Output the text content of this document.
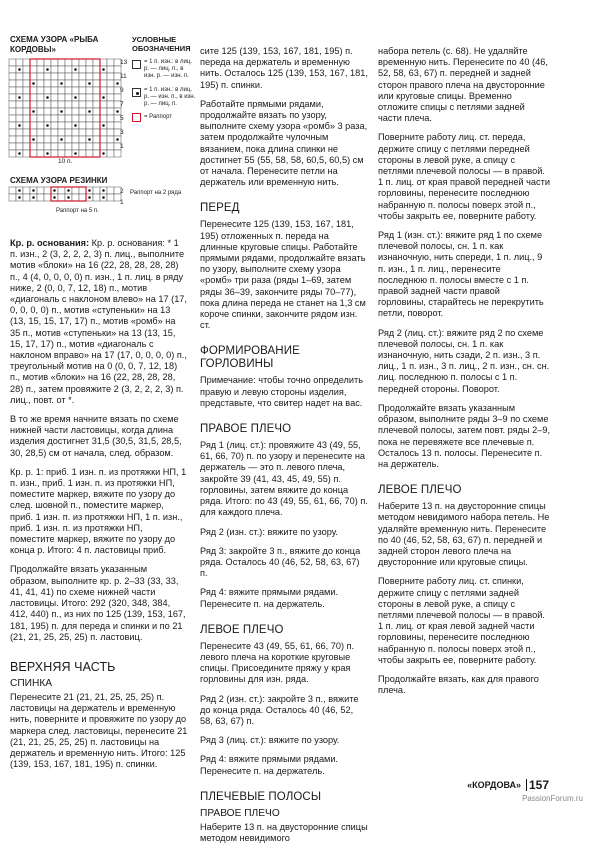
СХЕМА УЗОРА «РЫБА КОРДОВЫ»
13
11
9
7
5
3
1
10 п.
УСЛОВНЫЕ ОБОЗНАЧЕНИЯ
= 1 п. изн.: в лиц. р. — лиц. п., в изн. р. — изн. п.
= 1 п. изн.: в лиц. р. — изн. п., в изн. р. — лиц. п.
= Раппорт
СХЕМА УЗОРА РЕЗИНКИ
2
1
Раппорт на 2 ряда
Раппорт на 5 п.

Кр. р. основания: Кр. р. основания: * 1 п. изн., 2 (3, 2, 2, 2, 3) п. лиц., выполните мотив «блоки» на 16 (22, 28, 28, 28, 28) п., 4 (4, 0, 0, 0, 0) п. изн., 1 п. лиц. в ряду ниже, 2 (0, 0, 7, 12, 18) п., мотив «диагональ с наклоном влево» на 17 (17, 0, 0, 0, 0) п., мотив «ступеньки» на 13 (13, 15, 15, 17, 17) п., мотив «ромб» на 35 п., мотив «ступеньки» на 13 (13, 15, 15, 17, 17) п., мотив «диагональ с наклоном вправо» на 17 (17, 0, 0, 0, 0) п., треугольный мотив на 0 (0, 0, 7, 12, 18) п., мотив «блоки» на 16 (22, 28, 28, 28, 28) п., затем провяжите 2 (3, 2, 2, 2, 3) п. лиц., повт. от *.

В то же время начните вязать по схеме нижней части ластовицы, когда длина изделия достигнет 31,5 (30,5, 31,5, 28,5, 30, 28,5) см от начала, след. образом.

Кр. р. 1: приб. 1 изн. п. из протяжки НП, 1 п. изн., приб. 1 изн. п. из протяжки НП, поместите маркер, вяжите по узору до след. шовной п., поместите маркер, приб. 1 изн. п. из протяжки НП, 1 п. изн., приб. 1 изн. п. из протяжки НП, поместите маркер, вяжите по узору до конца р. Итого: 4 п. ластовицы приб.

Продолжайте вязать указанным образом, выполните кр. р. 2–33 (33, 33, 41, 41, 41) по схеме нижней части ластовицы. Итого: 292 (320, 348, 384, 412, 440) п., из них по 125 (139, 153, 167, 181, 195) п. для переда и спинки и по 21 (21, 21, 25, 25, 25) п. ластовиц.

ВЕРХНЯЯ ЧАСТЬ
СПИНКА

Перенесите 21 (21, 21, 25, 25, 25) п. ластовицы на держатель и временную нить, поверните и провяжите по узору до маркера след. ластовицы, перенесите 21 (21, 21, 25, 25, 25) п. ластовицы на держатель и временную нить. Итого: 125 (139, 153, 167, 181, 195) п. спинки.

сите 125 (139, 153, 167, 181, 195) п. переда на держатель и временную нить. Осталось 125 (139, 153, 167, 181, 195) п. спинки.

Работайте прямыми рядами, продолжайте вязать по узору, выполните схему узора «ромб» 3 раза, затем продолжайте чулочным вязанием, пока длина спинки не достигнет 55 (55, 58, 58, 60,5, 60,5) см от начала. Перенесите петли на держатель или временную нить.

ПЕРЕД

Перенесите 125 (139, 153, 167, 181, 195) отложенных п. переда на длинные круговые спицы. Работайте прямыми рядами, продолжайте вязать по узору, выполните схему узора «ромб» три раза (ряды 1–69, затем ряды 36–39, закончите ряды 70–77), пока длина переда не станет на 1,3 см короче спинки, закончите рядом изн. ст.

ФОРМИРОВАНИЕ ГОРЛОВИНЫ

Примечание: чтобы точно определить правую и левую стороны изделия, представьте, что свитер надет на вас.

ПРАВОЕ ПЛЕЧО

Ряд 1 (лиц. ст.): провяжите 43 (49, 55, 61, 66, 70) п. по узору и перенесите на держатель — это п. левого плеча, закройте 39 (41, 43, 45, 49, 55) п. горловины, затем вяжите до конца ряда. Итого: по 43 (49, 55, 61, 66, 70) п. для каждого плеча.

Ряд 2 (изн. ст.): вяжите по узору.

Ряд 3: закройте 3 п., вяжите до конца ряда. Осталось 40 (46, 52, 58, 63, 67) п.

Ряд 4: вяжите прямыми рядами. Перенесите п. на держатель.

ЛЕВОЕ ПЛЕЧО

Перенесите 43 (49, 55, 61, 66, 70) п. левого плеча на короткие круговые спицы. Присоедините пряжу у края горловины для изн. ряда.

Ряд 2 (изн. ст.): закройте 3 п., вяжите до конца ряда. Осталось 40 (46, 52, 58, 63, 67) п.

Ряд 3 (лиц. ст.): вяжите по узору.

Ряд 4: вяжите прямыми рядами. Перенесите п. на держатель.

ПЛЕЧЕВЫЕ ПОЛОСЫ
ПРАВОЕ ПЛЕЧО

Наберите 13 п. на двусторонние спицы методом невидимого

набора петель (с. 68). Не удаляйте временную нить. Перенесите по 40 (46, 52, 58, 63, 67) п. передней и задней сторон правого плеча на двусторонние или круговые спицы. Временно отложите спицы с петлями задней части плеча.

Поверните работу лиц. ст. переда, держите спицу с петлями передней стороны в левой руке, а спицу с петлями плечевой полосы — в правой. 1 п. лиц. от края правой передней части горловины, перенесите последнюю набранную п. полосы поверх этой п., чтобы закрыть ее, поверните работу.

Ряд 1 (изн. ст.): вяжите ряд 1 по схеме плечевой полосы, сн. 1 п. как изнаночную, нить спереди, 1 п. лиц., 9 п. изн., 1 п. лиц., перенесите последнюю п. полосы вместе с 1 п. правой задней части правой горловины, старайтесь не перекрутить петли, поворот.

Ряд 2 (лиц. ст.): вяжите ряд 2 по схеме плечевой полосы, сн. 1 п. как изнаночную, нить сзади, 2 п. изн., 3 п. лиц., 1 п. изн., 3 п. лиц., 2 п. изн., сн. сн. лиц. последнюю п. полосы с 1 п. передней стороны. Поворот.

Продолжайте вязать указанным образом, выполните ряды 3–9 по схеме плечевой полосы, затем повт. ряды 2–9, пока не перевяжете все плечевые п. Осталось 13 п. полосы. Перенесите п. на держатель.

ЛЕВОЕ ПЛЕЧО

Наберите 13 п. на двусторонние спицы методом невидимого набора петель. Не удаляйте временную нить. Перенесите по 40 (46, 52, 58, 63, 67) п. передней и задней сторон левого плеча на двусторонние или круговые спицы.

Поверните работу лиц. ст. спинки, держите спицу с петлями задней стороны в левой руке, а спицу с петлями плечевой полосы — в правой. 1 п. лиц. от края левой задней части горловины, перенесите последнюю набранную п. полосы поверх этой п., чтобы закрыть ее, поверните работу.

Продолжайте вязать, как для правого плеча.

«КОРДОВА» 157
PassionForum.ru
